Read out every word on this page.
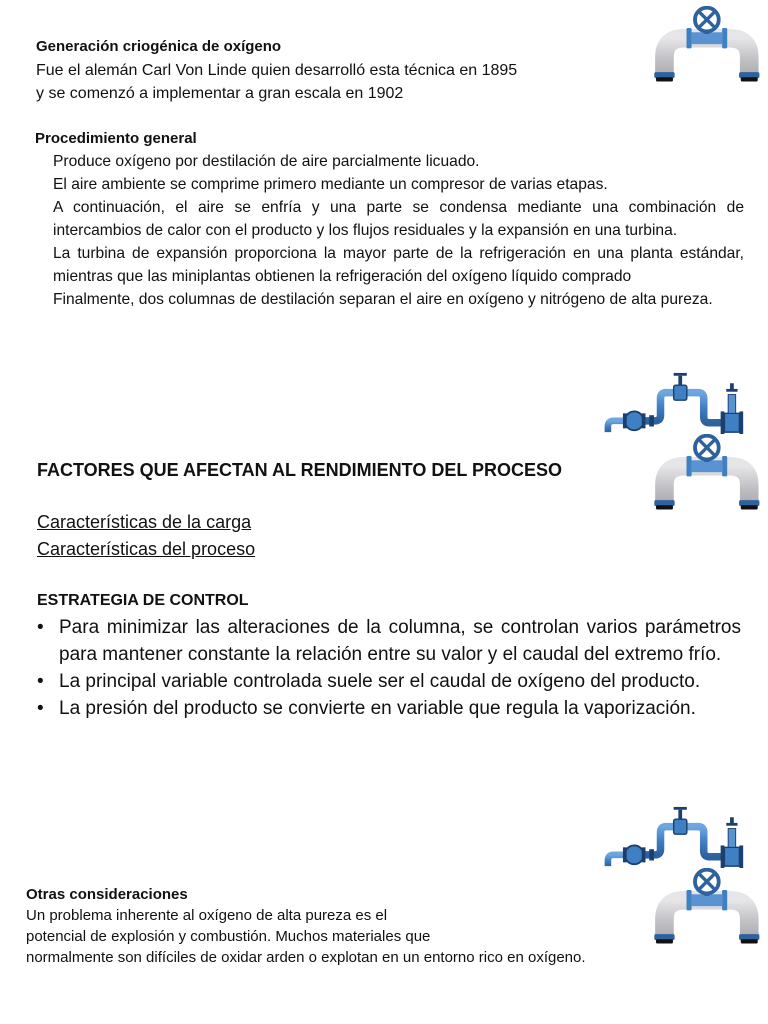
Generación criogénica de oxígeno

Fue el alemán Carl Von Linde quien desarrolló esta técnica en 1895

y se comenzó a implementar a gran escala en 1902

Procedimiento general
Produce oxígeno por destilación de aire parcialmente licuado.
El aire ambiente se comprime primero mediante un compresor de varias etapas.
A continuación, el aire se enfría y una parte se condensa mediante una combinación de intercambios de calor con el producto y los flujos residuales y la expansión en una turbina.
La turbina de expansión proporciona la mayor parte de la refrigeración en una planta estándar, mientras que las miniplantas obtienen la refrigeración del oxígeno líquido comprado
Finalmente, dos columnas de destilación separan el aire en oxígeno y nitrógeno de alta pureza.
FACTORES QUE AFECTAN AL RENDIMIENTO DEL PROCESO
Características de la carga
Características del proceso
ESTRATEGIA DE CONTROL
• Para minimizar las alteraciones de la columna, se controlan varios parámetros para mantener constante la relación entre su valor y el caudal del extremo frío.
• La principal variable controlada suele ser el caudal de oxígeno del producto.
• La presión del producto se convierte en variable que regula la vaporización.
Otras consideraciones

Un problema inherente al oxígeno de alta pureza es el

potencial de explosión y combustión. Muchos materiales que

normalmente son difíciles de oxidar arden o explotan en un entorno rico en oxígeno.
